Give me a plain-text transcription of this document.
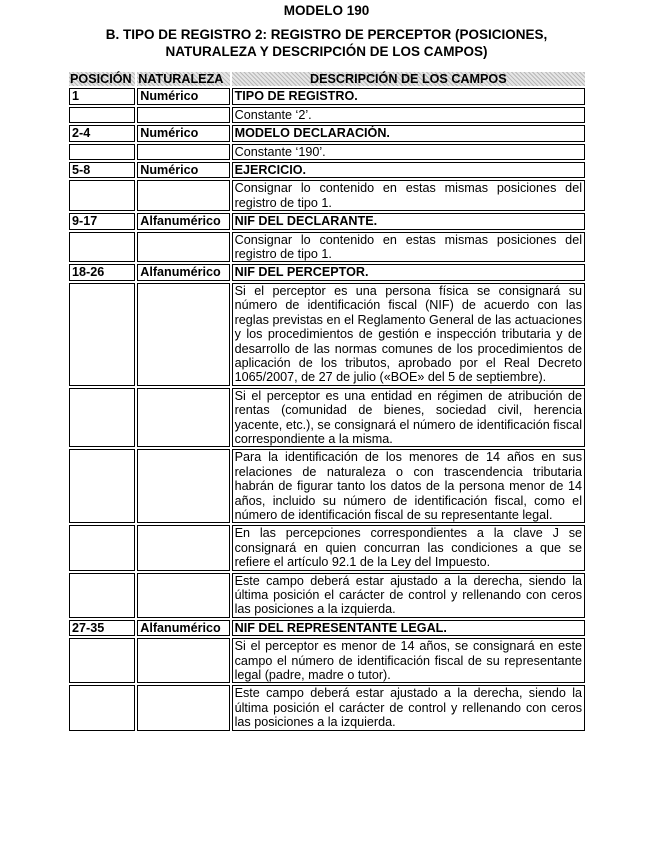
MODELO 190
B. TIPO DE REGISTRO 2: REGISTRO DE PERCEPTOR (POSICIONES,
NATURALEZA Y DESCRIPCIÓN DE LOS CAMPOS)
POSICIÓN	NATURALEZA	DESCRIPCIÓN DE LOS CAMPOS
1	Numérico	TIPO DE REGISTRO.
		Constante ‘2’.
2-4	Numérico	MODELO DECLARACIÓN.
		Constante ‘190’.
5-8	Numérico	EJERCICIO.
		Consignar lo contenido en estas mismas posiciones del registro de tipo 1.
9-17	Alfanumérico	NIF DEL DECLARANTE.
		Consignar lo contenido en estas mismas posiciones del registro de tipo 1.
18-26	Alfanumérico	NIF DEL PERCEPTOR.
		Si el perceptor es una persona física se consignará su número de identificación fiscal (NIF) de acuerdo con las reglas previstas en el Reglamento General de las actuaciones y los procedimientos de gestión e inspección tributaria y de desarrollo de las normas comunes de los procedimientos de aplicación de los tributos, aprobado por el Real Decreto 1065/2007, de 27 de julio («BOE» del 5 de septiembre).
		Si el perceptor es una entidad en régimen de atribución de rentas (comunidad de bienes, sociedad civil, herencia yacente, etc.), se consignará el número de identificación fiscal correspondiente a la misma.
		Para la identificación de los menores de 14 años en sus relaciones de naturaleza o con trascendencia tributaria habrán de figurar tanto los datos de la persona menor de 14 años, incluido su número de identificación fiscal, como el número de identificación fiscal de su representante legal.
		En las percepciones correspondientes a la clave J se consignará en quien concurran las condiciones a que se refiere el artículo 92.1 de la Ley del Impuesto.
		Este campo deberá estar ajustado a la derecha, siendo la última posición el carácter de control y rellenando con ceros las posiciones a la izquierda.
27-35	Alfanumérico	NIF DEL REPRESENTANTE LEGAL.
		Si el perceptor es menor de 14 años, se consignará en este campo el número de identificación fiscal de su representante legal (padre, madre o tutor).
		Este campo deberá estar ajustado a la derecha, siendo la última posición el carácter de control y rellenando con ceros las posiciones a la izquierda.
